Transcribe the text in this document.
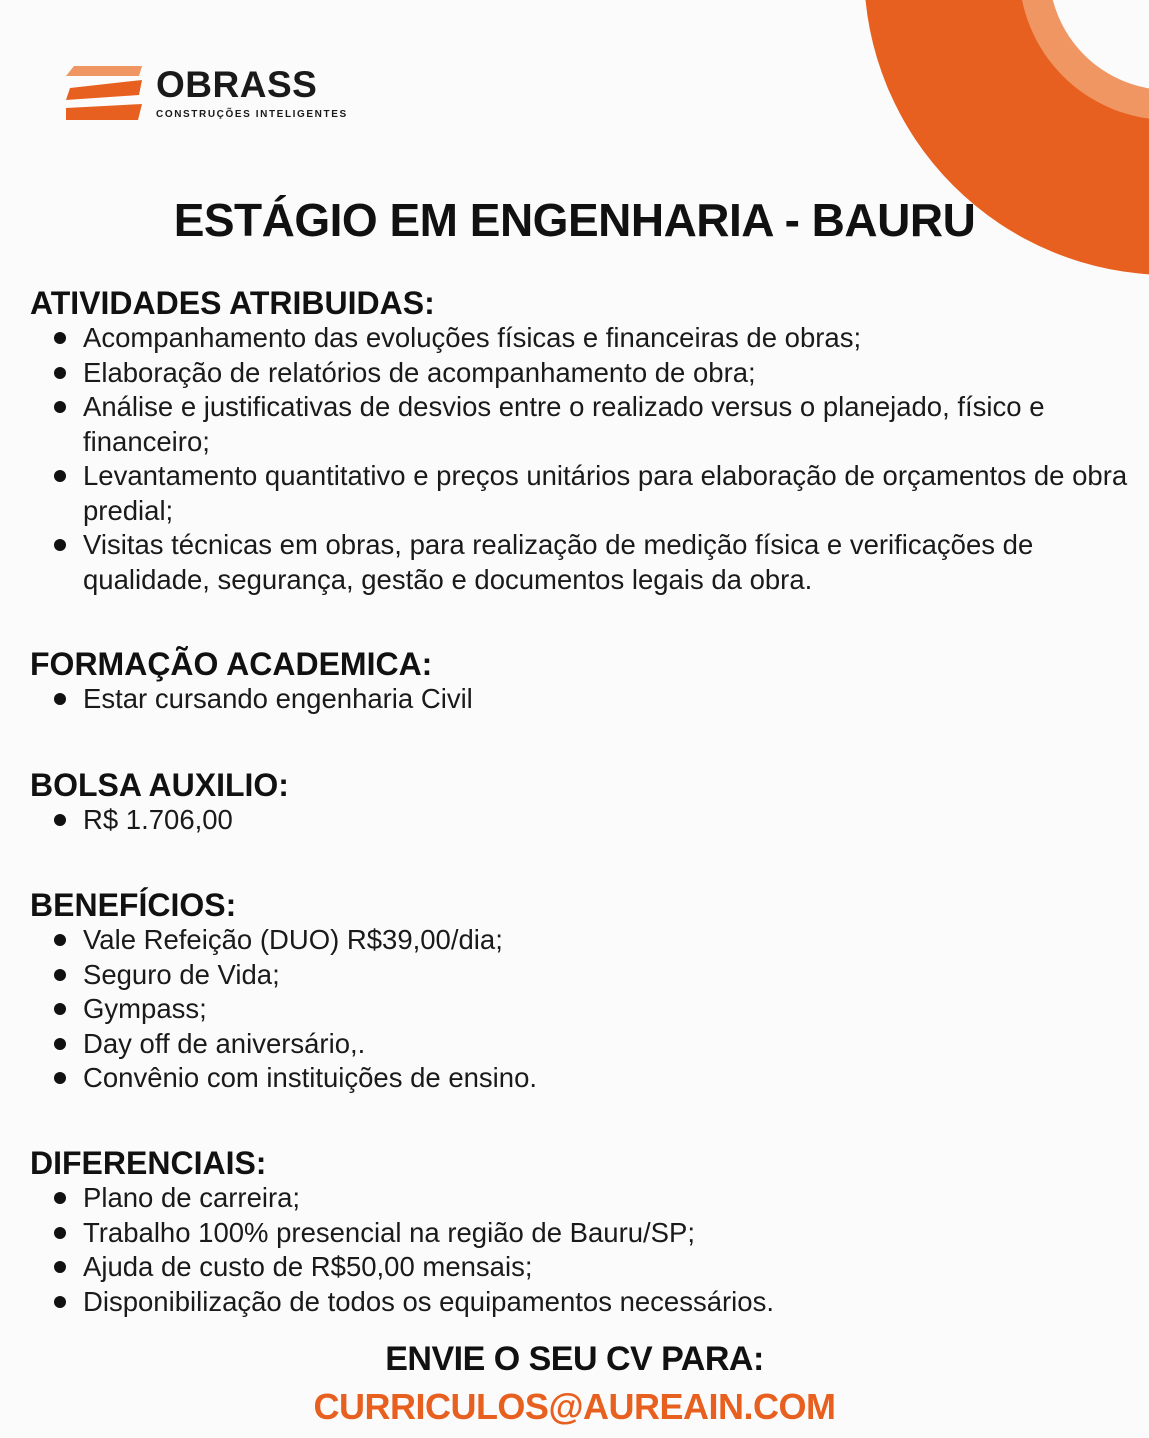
OBRASS
CONSTRUÇÕES INTELIGENTES
ESTÁGIO EM ENGENHARIA - BAURU
ATIVIDADES ATRIBUIDAS:
Acompanhamento das evoluções físicas e financeiras de obras;
Elaboração de relatórios de acompanhamento de obra;
Análise e justificativas de desvios entre o realizado versus o planejado, físico e financeiro;
Levantamento quantitativo e preços unitários para elaboração de orçamentos de obra predial;
Visitas técnicas em obras, para realização de medição física e verificações de qualidade, segurança, gestão e documentos legais da obra.
FORMAÇÃO ACADEMICA:
Estar cursando engenharia Civil
BOLSA AUXILIO:
R$ 1.706,00
BENEFÍCIOS:
Vale Refeição (DUO) R$39,00/dia;
Seguro de Vida;
Gympass;
Day off de aniversário,.
Convênio com instituições de ensino.
DIFERENCIAIS:
Plano de carreira;
Trabalho 100% presencial na região de Bauru/SP;
Ajuda de custo de R$50,00 mensais;
Disponibilização de todos os equipamentos necessários.

ENVIE O SEU CV PARA:

CURRICULOS@AUREAIN.COM
